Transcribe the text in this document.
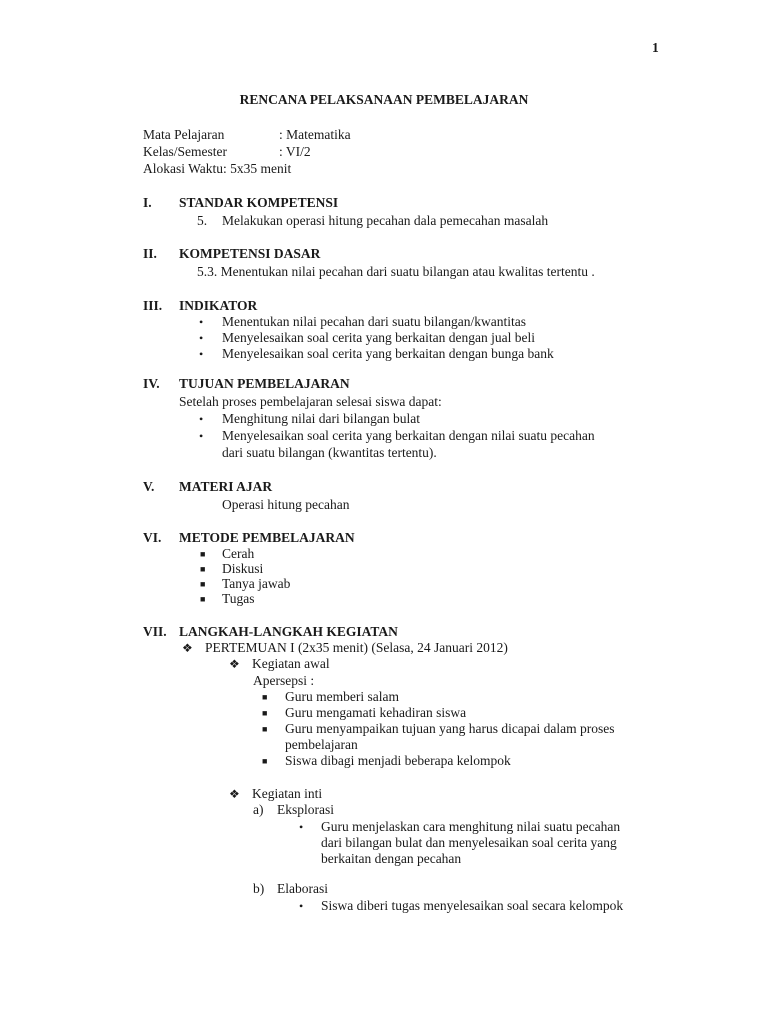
1
RENCANA PELAKSANAAN PEMBELAJARAN
Mata Pelajaran	: Matematika
Kelas/Semester	: VI/2
Alokasi Waktu: 5x35 menit
I. STANDAR KOMPETENSI
5. Melakukan operasi hitung pecahan dala pemecahan masalah
II. KOMPETENSI DASAR
5.3. Menentukan nilai pecahan dari suatu bilangan atau kwalitas tertentu .
III. INDIKATOR
• Menentukan nilai pecahan dari suatu bilangan/kwantitas
• Menyelesaikan soal cerita yang berkaitan dengan jual beli
• Menyelesaikan soal cerita yang berkaitan dengan bunga bank
IV. TUJUAN PEMBELAJARAN
Setelah proses pembelajaran selesai siswa dapat:
• Menghitung nilai dari bilangan bulat
• Menyelesaikan soal cerita yang berkaitan dengan nilai suatu pecahan
dari suatu bilangan (kwantitas tertentu).
V. MATERI AJAR
Operasi hitung pecahan
VI. METODE PEMBELAJARAN
■ Cerah
■ Diskusi
■ Tanya jawab
■ Tugas
VII. LANGKAH-LANGKAH KEGIATAN
❖ PERTEMUAN I (2x35 menit) (Selasa, 24 Januari 2012)
❖ Kegiatan awal
Apersepsi :
■ Guru memberi salam
■ Guru mengamati kehadiran siswa
■ Guru menyampaikan tujuan yang harus dicapai dalam proses
pembelajaran
■ Siswa dibagi menjadi beberapa kelompok
❖ Kegiatan inti
a) Eksplorasi
• Guru menjelaskan cara menghitung nilai suatu pecahan
dari bilangan bulat dan menyelesaikan soal cerita yang
berkaitan dengan pecahan
b) Elaborasi
• Siswa diberi tugas menyelesaikan soal secara kelompok
